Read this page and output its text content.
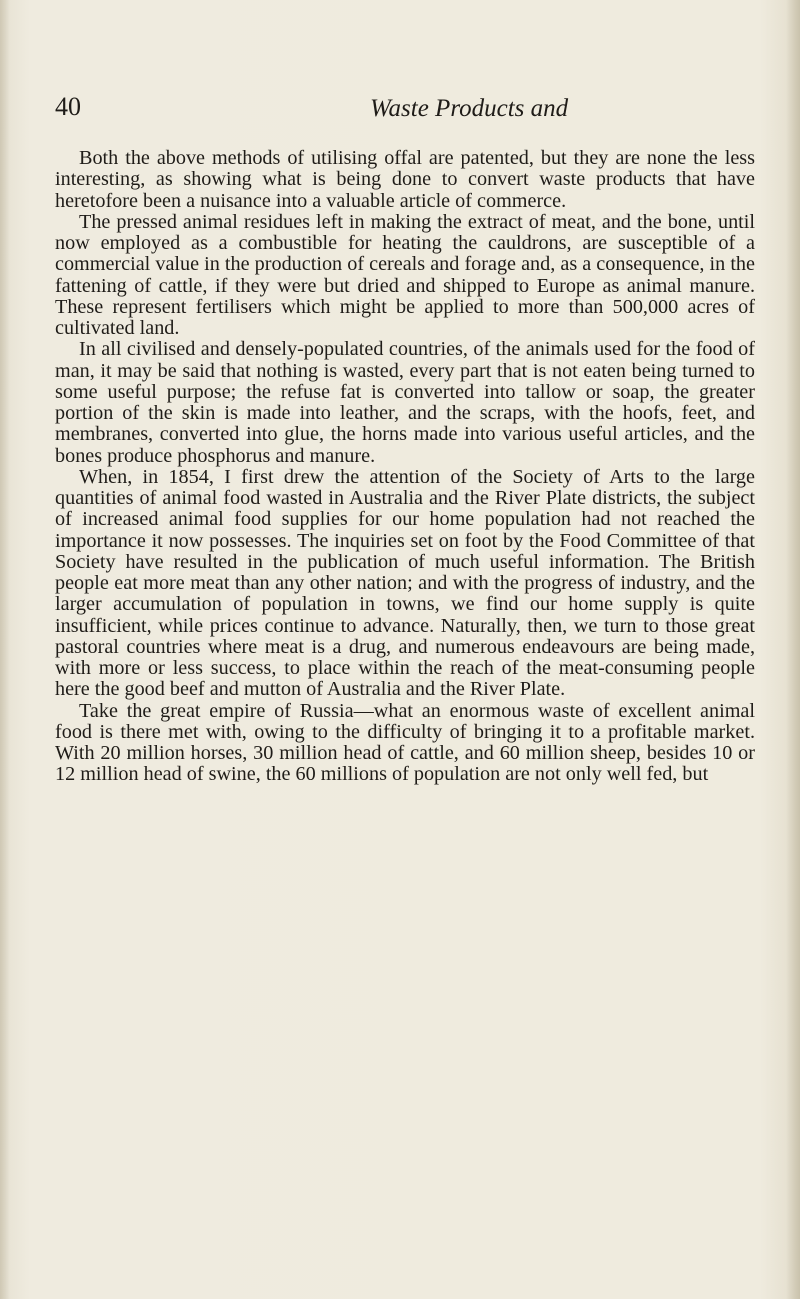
40	Waste Products and

Both the above methods of utilising offal are patented, but they are none the less interesting, as showing what is being done to convert waste products that have heretofore been a nuisance into a valuable article of commerce.

The pressed animal residues left in making the extract of meat, and the bone, until now employed as a combustible for heating the cauldrons, are susceptible of a commercial value in the production of cereals and forage and, as a consequence, in the fattening of cattle, if they were but dried and shipped to Europe as animal manure. These represent fertilisers which might be applied to more than 500,000 acres of cultivated land.

In all civilised and densely-populated countries, of the animals used for the food of man, it may be said that nothing is wasted, every part that is not eaten being turned to some useful purpose; the refuse fat is converted into tallow or soap, the greater portion of the skin is made into leather, and the scraps, with the hoofs, feet, and membranes, converted into glue, the horns made into various useful articles, and the bones produce phosphorus and manure.

When, in 1854, I first drew the attention of the Society of Arts to the large quantities of animal food wasted in Australia and the River Plate districts, the subject of increased animal food supplies for our home population had not reached the importance it now possesses. The inquiries set on foot by the Food Committee of that Society have resulted in the publication of much useful information. The British people eat more meat than any other nation; and with the progress of industry, and the larger accumulation of population in towns, we find our home supply is quite insufficient, while prices continue to advance. Naturally, then, we turn to those great pastoral countries where meat is a drug, and numerous endeavours are being made, with more or less success, to place within the reach of the meat-consuming people here the good beef and mutton of Australia and the River Plate.

Take the great empire of Russia—what an enormous waste of excellent animal food is there met with, owing to the difficulty of bringing it to a profitable market. With 20 million horses, 30 million head of cattle, and 60 million sheep, besides 10 or 12 million head of swine, the 60 millions of population are not only well fed, but
